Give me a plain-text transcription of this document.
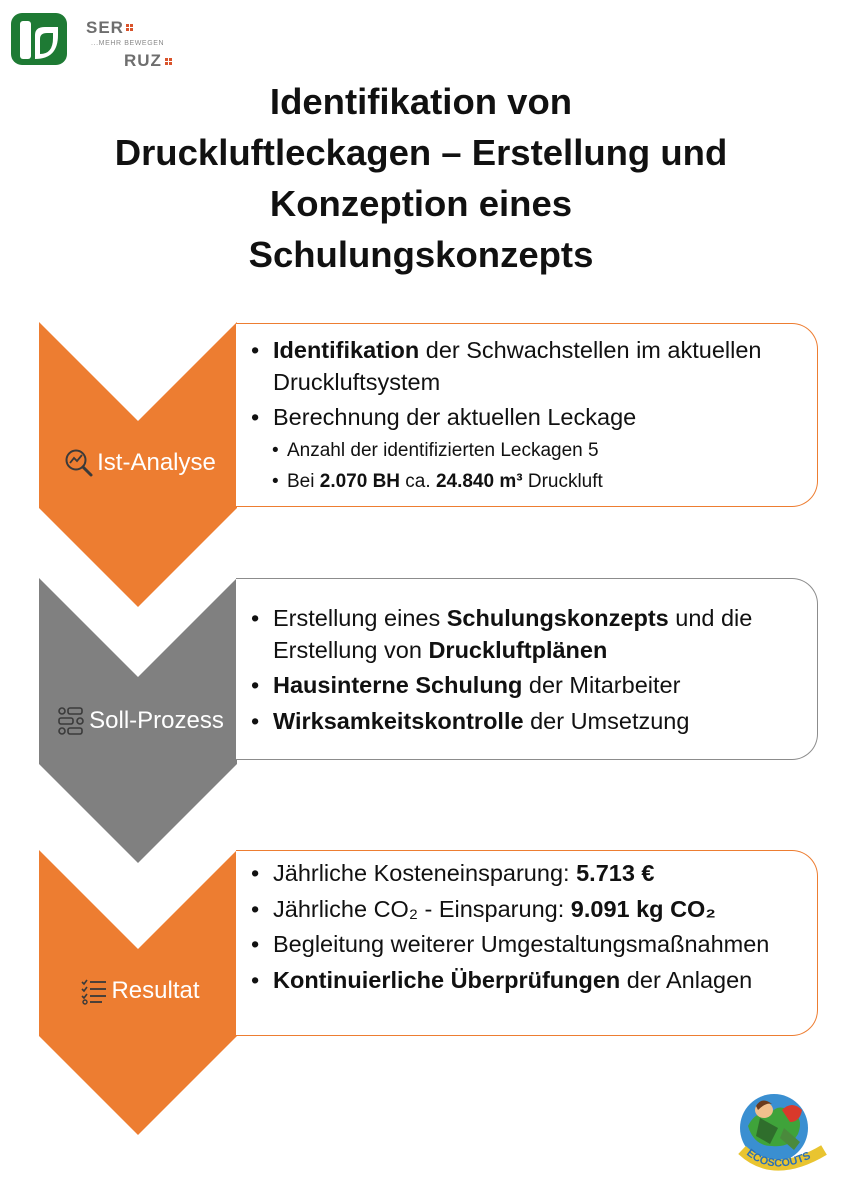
SER
...MEHR BEWEGEN
RUZ
Identifikation von
Druckluftleckagen – Erstellung und
Konzeption eines
Schulungskonzepts
• Identifikation der Schwachstellen im aktuellen Druckluftsystem
• Berechnung der aktuellen Leckage
• Anzahl der identifizierten Leckagen 5
• Bei 2.070 BH ca. 24.840 m³ Druckluft
Ist-Analyse
• Erstellung eines Schulungskonzepts und die Erstellung von Druckluftplänen
• Hausinterne Schulung der Mitarbeiter
• Wirksamkeitskontrolle der Umsetzung
Soll-Prozess
• Jährliche Kosteneinsparung: 5.713 €
• Jährliche CO₂ - Einsparung: 9.091 kg CO₂
• Begleitung weiterer Umgestaltungsmaßnahmen
• Kontinuierliche Überprüfungen der Anlagen
Resultat
ECOSCOUTS
